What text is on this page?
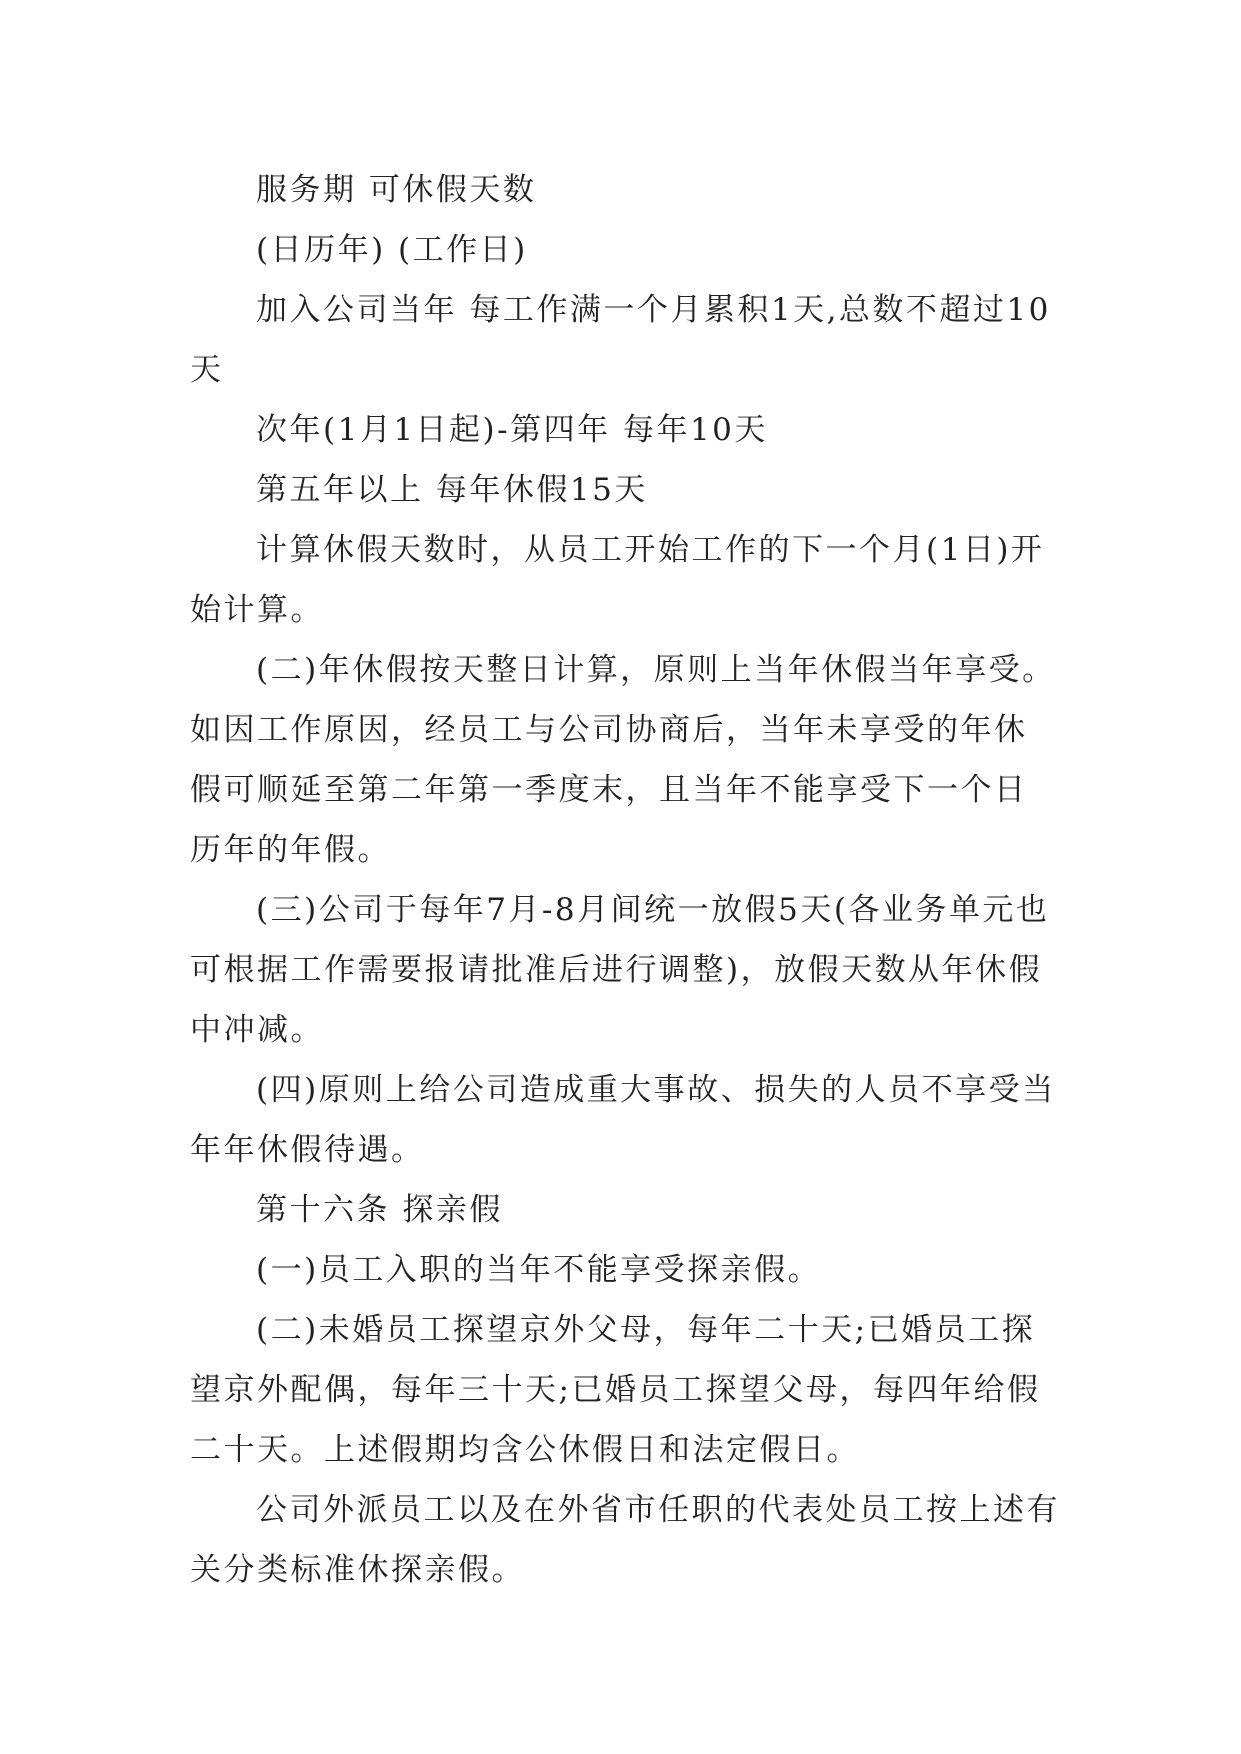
服务期 可休假天数

(日历年) (工作日)

加入公司当年 每工作满一个月累积1天,总数不超过10天

次年(1月1日起)-第四年 每年10天

第五年以上 每年休假15天

计算休假天数时，从员工开始工作的下一个月(1日)开始计算。

(二)年休假按天整日计算，原则上当年休假当年享受。如因工作原因，经员工与公司协商后，当年未享受的年休假可顺延至第二年第一季度末，且当年不能享受下一个日历年的年假。

(三)公司于每年7月-8月间统一放假5天(各业务单元也可根据工作需要报请批准后进行调整)，放假天数从年休假中冲减。

(四)原则上给公司造成重大事故、损失的人员不享受当年年休假待遇。

第十六条 探亲假

(一)员工入职的当年不能享受探亲假。

(二)未婚员工探望京外父母，每年二十天;已婚员工探望京外配偶，每年三十天;已婚员工探望父母，每四年给假二十天。上述假期均含公休假日和法定假日。

公司外派员工以及在外省市任职的代表处员工按上述有关分类标准休探亲假。
